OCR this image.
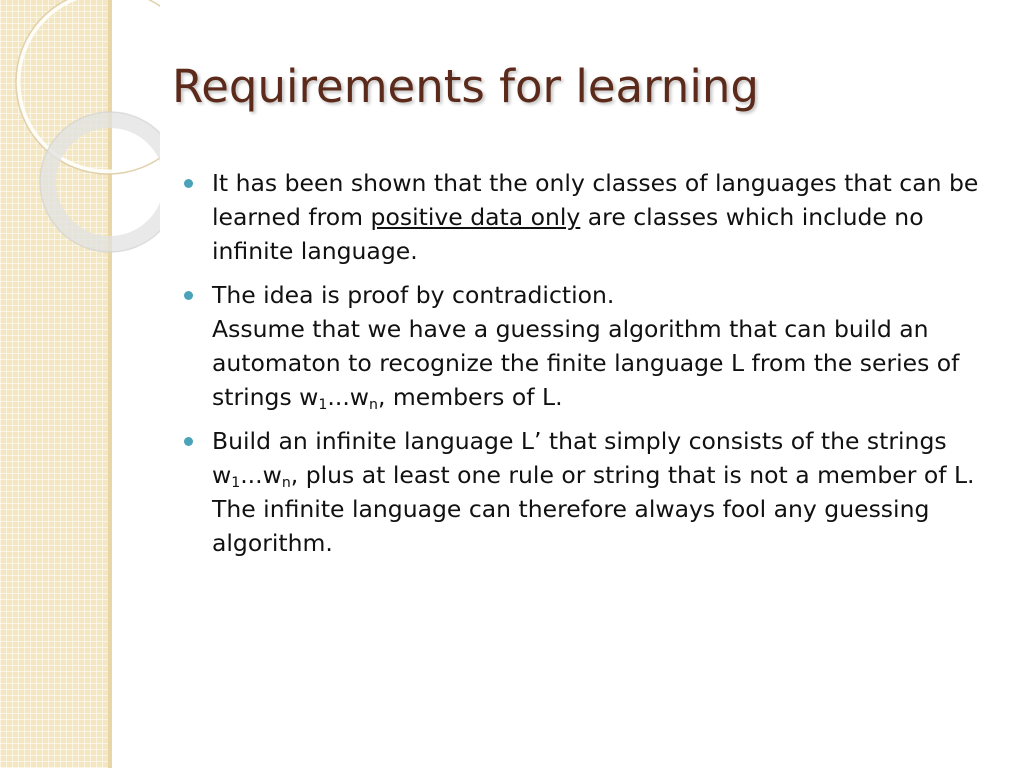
Requirements for learning
It has been shown that the only classes of languages that can be learned from positive data only are classes which include no infinite language.
The idea is proof by contradiction.
Assume that we have a guessing algorithm that can build an automaton to recognize the finite language L from the series of strings $w_1...w_n$, members of L.
Build an infinite language L’ that simply consists of the strings $w_1...w_n$, plus at least one rule or string that is not a member of L. The infinite language can therefore always fool any guessing algorithm.
